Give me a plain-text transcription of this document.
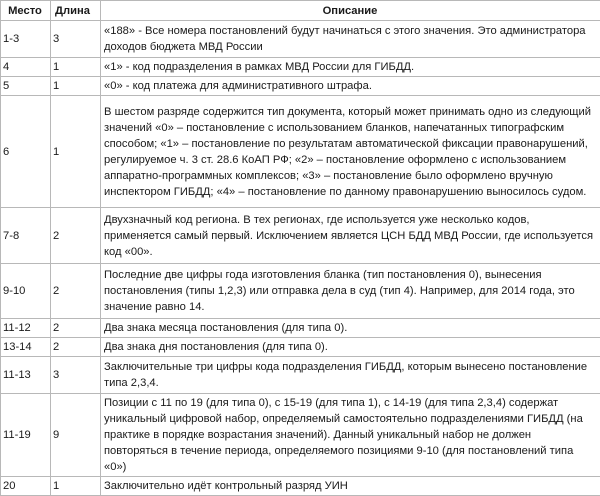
Место	Длина	Описание
1-3	3	«188» - Все номера постановлений будут начинаться с этого значения. Это администратора доходов бюджета МВД России
4	1	«1» - код подразделения в рамках МВД России для ГИБДД.
5	1	«0» - код платежа для административного штрафа.
6	1	В шестом разряде содержится тип документа, который может принимать одно из следующий значений «0» – постановление с использованием бланков, напечатанных типографским способом; «1» – постановление по результатам автоматической фиксации правонарушений, регулируемое ч. 3 ст. 28.6 КоАП РФ; «2» – постановление оформлено с использованием аппаратно-программных комплексов; «3» – постановление было оформлено вручную инспектором ГИБДД; «4» – постановление по данному правонарушению выносилось судом.
7-8	2	Двухзначный код региона. В тех регионах, где используется уже несколько кодов, применяется самый первый. Исключением является ЦСН БДД МВД России, где используется код «00».
9-10	2	Последние две цифры года изготовления бланка (тип постановления 0), вынесения постановления (типы 1,2,3) или отправка дела в суд (тип 4). Например, для 2014 года, это значение равно 14.
11-12	2	Два знака месяца постановления (для типа 0).
13-14	2	Два знака дня постановления (для типа 0).
11-13	3	Заключительные три цифры кода подразделения ГИБДД, которым вынесено постановление типа 2,3,4.
11-19	9	Позиции с 11 по 19 (для типа 0), с 15-19 (для типа 1), с 14-19 (для типа 2,3,4) содержат уникальный цифровой набор, определяемый самостоятельно подразделениями ГИБДД (на практике в порядке возрастания значений). Данный уникальный набор не должен повторяться в течение периода, определяемого позициями 9-10 (для постановлений типа «0»)
20	1	Заключительно идёт контрольный разряд УИН
